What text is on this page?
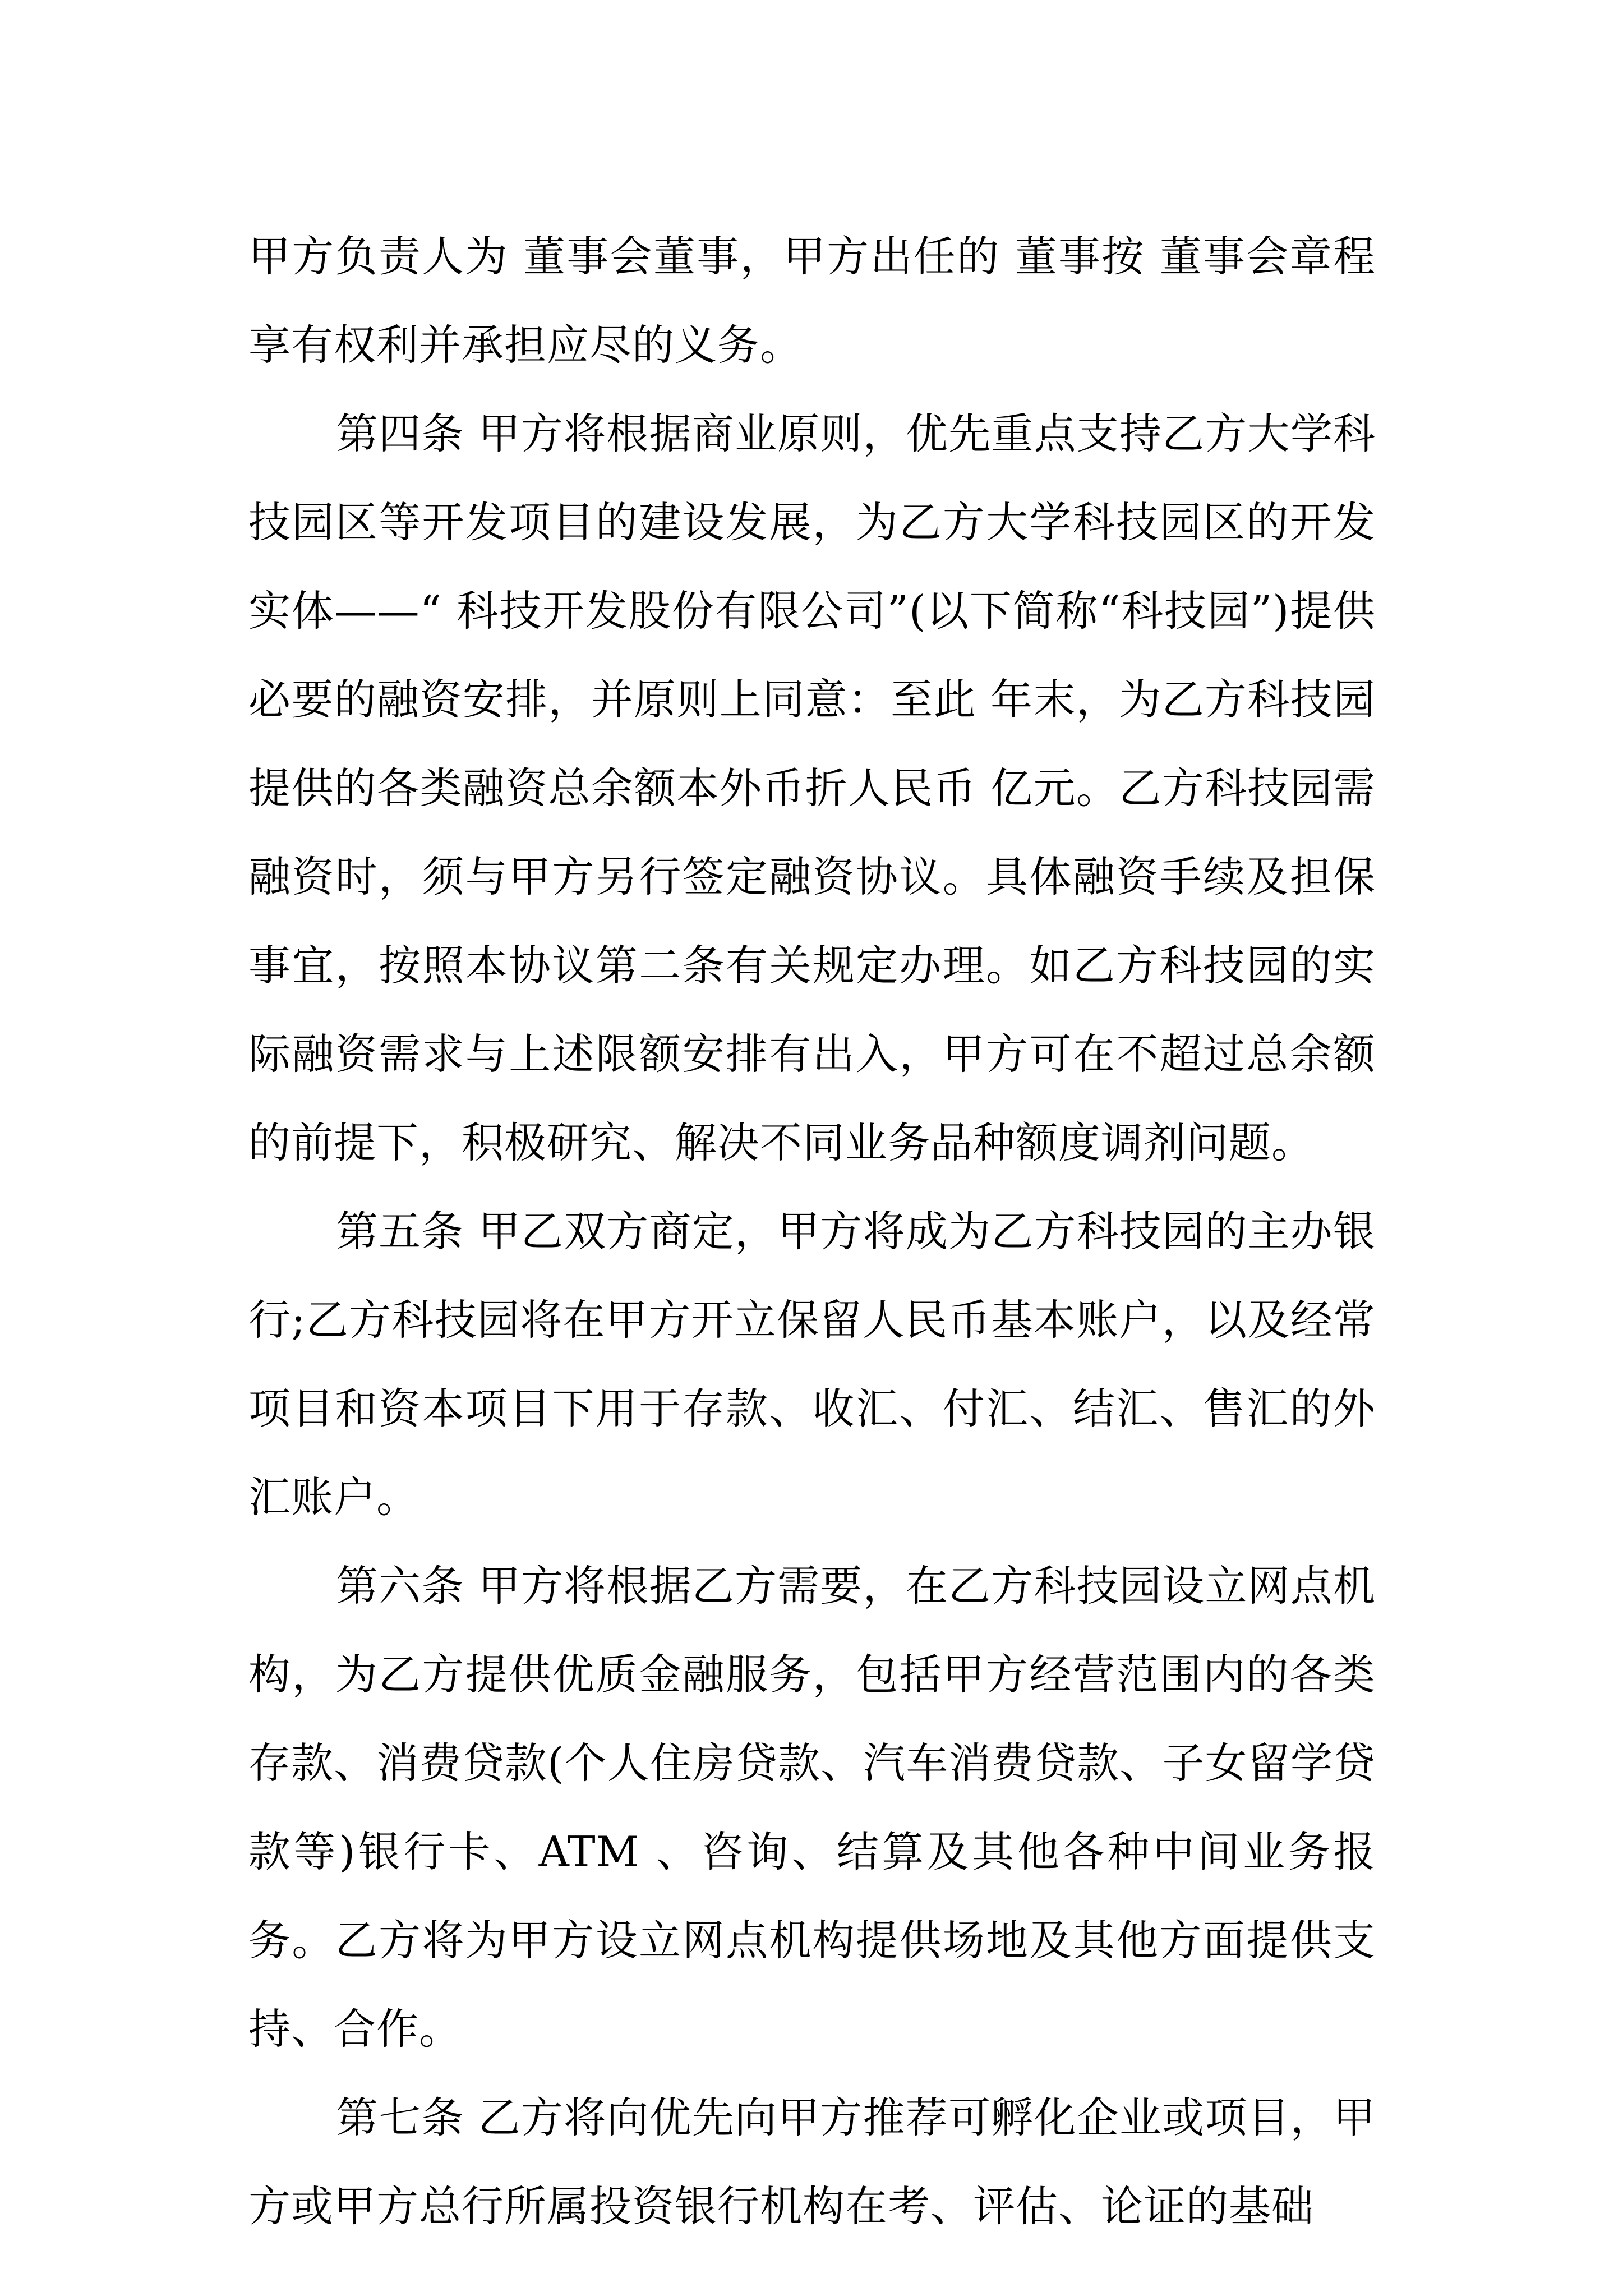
甲方负责人为 董事会董事，甲方出任的 董事按 董事会章程享有权利并承担应尽的义务。

第四条 甲方将根据商业原则，优先重点支持乙方大学科技园区等开发项目的建设发展，为乙方大学科技园区的开发实体——“ 科技开发股份有限公司”(以下简称“科技园”)提供必要的融资安排，并原则上同意：至此 年末，为乙方科技园提供的各类融资总余额本外币折人民币 亿元。乙方科技园需融资时，须与甲方另行签定融资协议。具体融资手续及担保事宜，按照本协议第二条有关规定办理。如乙方科技园的实际融资需求与上述限额安排有出入，甲方可在不超过总余额的前提下，积极研究、解决不同业务品种额度调剂问题。

第五条 甲乙双方商定，甲方将成为乙方科技园的主办银行;乙方科技园将在甲方开立保留人民币基本账户，以及经常项目和资本项目下用于存款、收汇、付汇、结汇、售汇的外汇账户。

第六条 甲方将根据乙方需要，在乙方科技园设立网点机构，为乙方提供优质金融服务，包括甲方经营范围内的各类存款、消费贷款(个人住房贷款、汽车消费贷款、子女留学贷款等)银行卡、ATM 、咨询、结算及其他各种中间业务报务。乙方将为甲方设立网点机构提供场地及其他方面提供支持、合作。

第七条 乙方将向优先向甲方推荐可孵化企业或项目，甲方或甲方总行所属投资银行机构在考、评估、论证的基础
